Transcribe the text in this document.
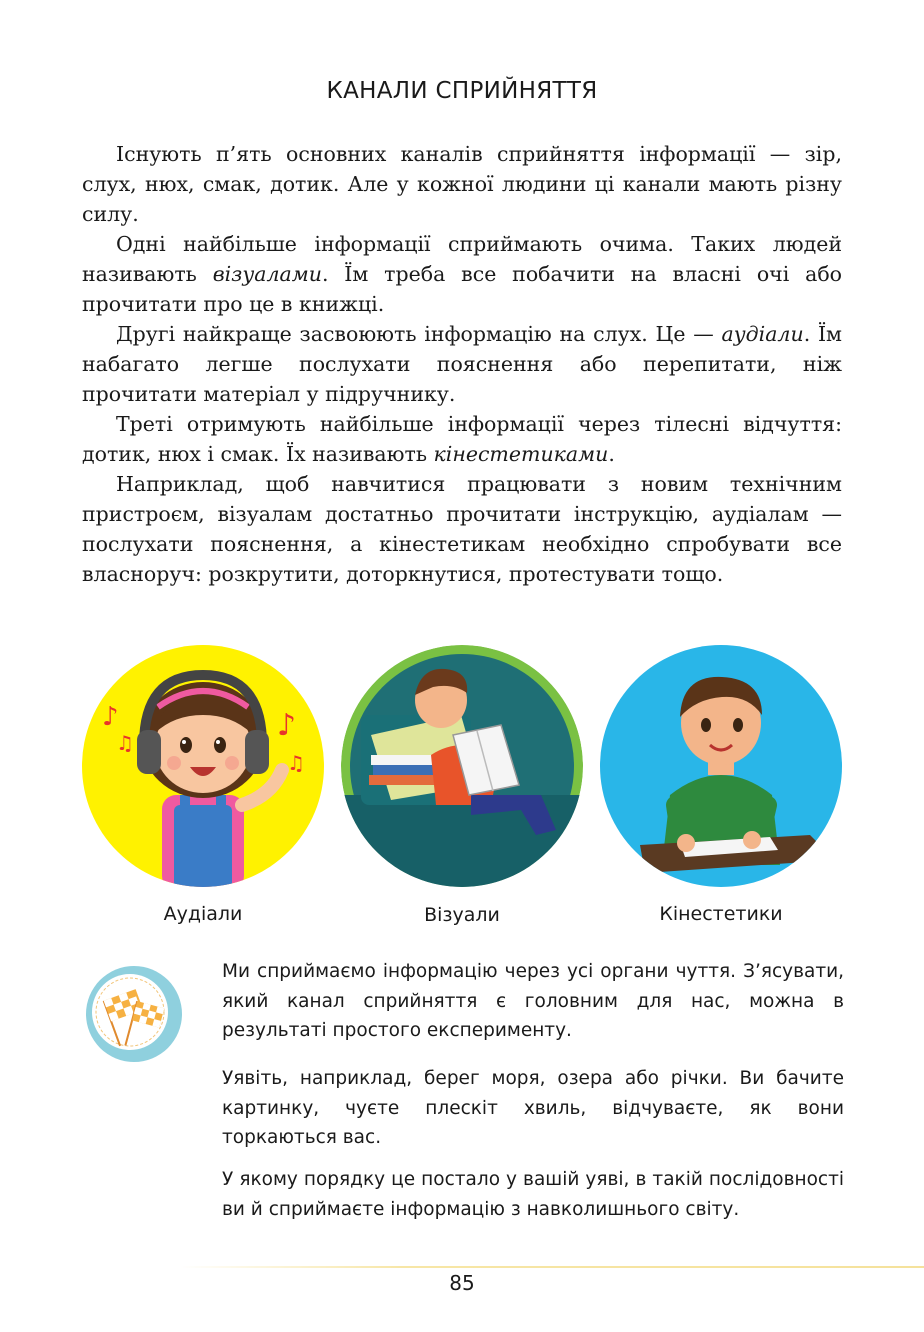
КАНАЛИ СПРИЙНЯТТЯ

Існують п’ять основних каналів сприйняття інформації — зір, слух, нюх, смак, дотик. Але у кожної людини ці канали мають різну силу.

Одні найбільше інформації сприймають очима. Таких людей називають візуалами. Їм треба все побачити на власні очі або прочитати про це в книжці.

Другі найкраще засвоюють інформацію на слух. Це — аудіали. Їм набагато легше послухати пояснення або перепитати, ніж прочитати матеріал у підручнику.

Треті отримують найбільше інформації через тілесні відчуття: дотик, нюх і смак. Їх називають кінестетиками.

Наприклад, щоб навчитися працювати з новим технічним пристроєм, візуалам достатньо прочитати інструкцію, аудіалам — послухати пояснення, а кінестетикам необхідно спробувати все власноруч: розкрутити, доторкнутися, протестувати тощо.

♪
♫	♪
♫
Аудіали	Візуали	Кінестетики

Ми сприймаємо інформацію через усі органи чуття. З’ясувати, який канал сприйняття є головним для нас, можна в результаті простого експерименту.

Уявіть, наприклад, берег моря, озера або річки. Ви бачите картинку, чуєте плескіт хвиль, відчуваєте, як вони торкаються вас.

У якому порядку це постало у вашій уяві, в такій послідовності ви й сприймаєте інформацію з навколишнього світу.

85
